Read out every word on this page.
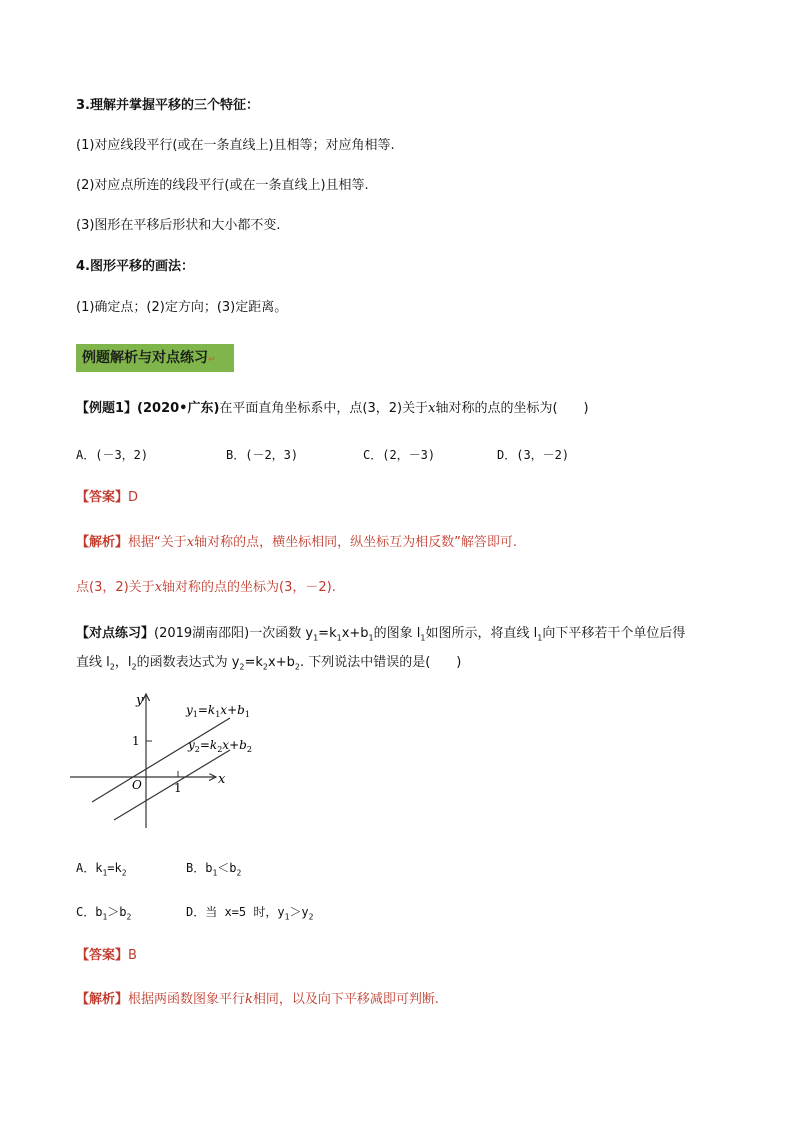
3.理解并掌握平移的三个特征：
(1)对应线段平行(或在一条直线上)且相等；对应角相等.
(2)对应点所连的线段平行(或在一条直线上)且相等.
(3)图形在平移后形状和大小都不变.
4.图形平移的画法：
(1)确定点；(2)定方向；(3)定距离。
例题解析与对点练习↵
【例题1】(2020•广东)在平面直角坐标系中，点(3，2)关于x轴对称的点的坐标为(　　)
A．(－3，2)	B．(－2，3)	C．(2，－3)	D．(3，－2)
【答案】D
【解析】根据“关于x轴对称的点，横坐标相同，纵坐标互为相反数”解答即可.
点(3，2)关于x轴对称的点的坐标为(3，－2).
【对点练习】(2019湖南邵阳)一次函数 $y_1=k_1x+b_1$的图象 $l_1$如图所示，将直线 $l_1$向下平移若干个单位后得
直线 $l_2$，$l_2$的函数表达式为 $y_2=k_2x+b_2$. 下列说法中错误的是(　　)
y
x
O	1
1
$y_1=k_1x+b_1$
$y_2=k_2x+b_2$
A．$k_1=k_2$	B．$b_1<b_2$
C．$b_1>b_2$	D．当 x=5 时，$y_1>y_2$
【答案】B
【解析】根据两函数图象平行k相同，以及向下平移减即可判断.
